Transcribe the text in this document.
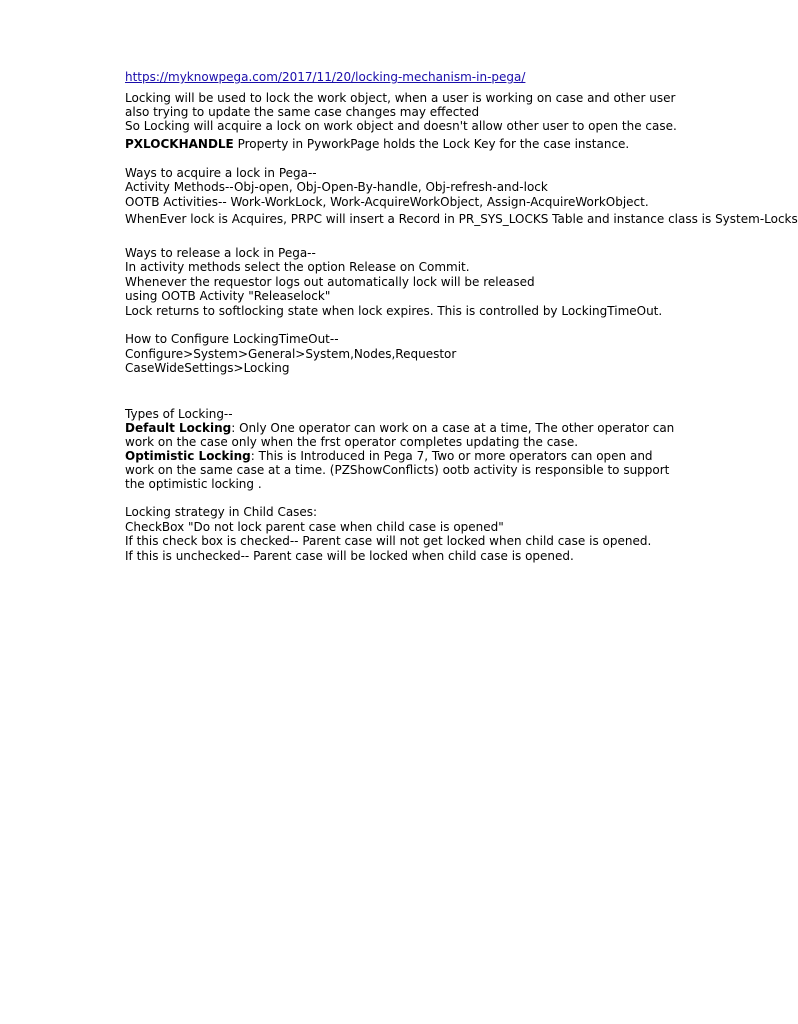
https://myknowpega.com/2017/11/20/locking-mechanism-in-pega/
Locking will be used to lock the work object, when a user is working on case and other user also trying to update the same case changes may effected
So Locking will acquire a lock on work object and doesn't allow other user to open the case.
PXLOCKHANDLE Property in PyworkPage holds the Lock Key for the case instance.
Ways to acquire a lock in Pega--
Activity Methods--Obj-open, Obj-Open-By-handle, Obj-refresh-and-lock
OOTB Activities-- Work-WorkLock, Work-AcquireWorkObject, Assign-AcquireWorkObject.
WhenEver lock is Acquires, PRPC will insert a Record in PR_SYS_LOCKS Table and instance class is System-Locks
Ways to release a lock in Pega--
In activity methods select the option Release on Commit.
Whenever the requestor logs out automatically lock will be released
using OOTB Activity "Releaselock"
Lock returns to softlocking state when lock expires. This is controlled by LockingTimeOut.
How to Configure LockingTimeOut--
Configure>System>General>System,Nodes,Requestor
CaseWideSettings>Locking
Types of Locking--
Default Locking: Only One operator can work on a case at a time, The other operator can work on the case only when the frst operator completes updating the case.
Optimistic Locking: This is Introduced in Pega 7, Two or more operators can open and work on the same case at a time. (PZShowConflicts) ootb activity is responsible to support the optimistic locking .
Locking strategy in Child Cases:
CheckBox "Do not lock parent case when child case is opened"
If this check box is checked-- Parent case will not get locked when child case is opened.
If this is unchecked-- Parent case will be locked when child case is opened.
